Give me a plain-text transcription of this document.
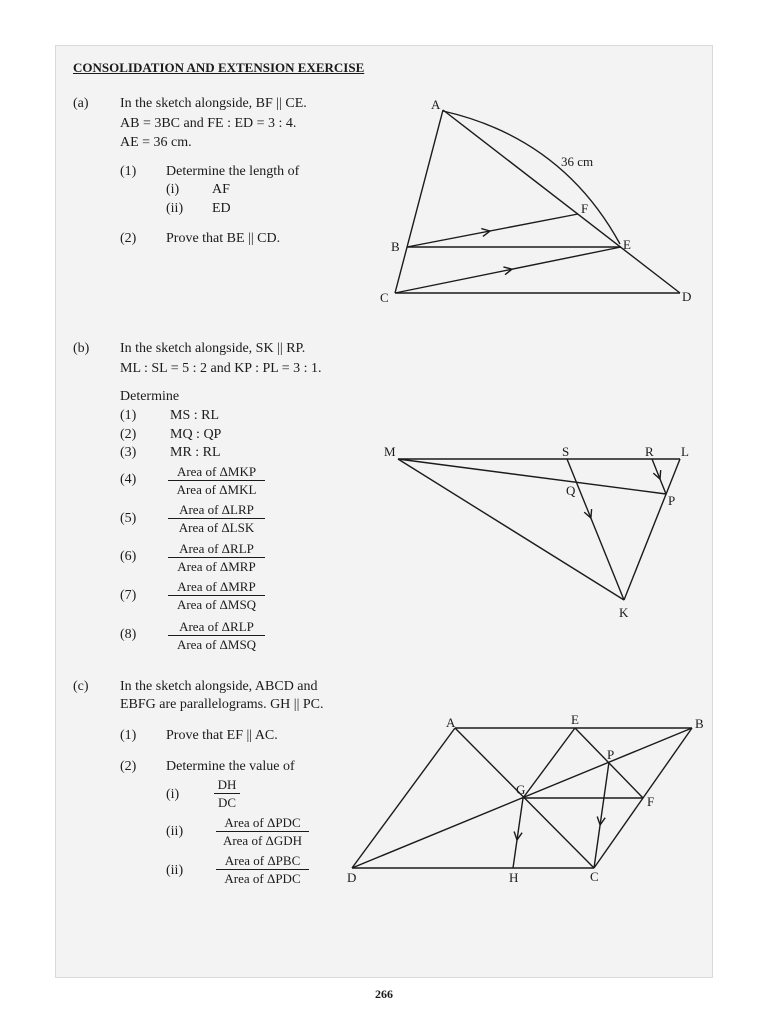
CONSOLIDATION AND EXTENSION EXERCISE
(a) In the sketch alongside, BF || CE.
AB = 3BC and FE : ED = 3 : 4.
AE = 36 cm.
(1) Determine the length of
(i) AF
(ii) ED
(2) Prove that BE || CD.
(b) In the sketch alongside, SK || RP.
ML : SL = 5 : 2 and KP : PL = 3 : 1.
Determine
(1) MS : RL
(2) MQ : QP
(3) MR : RL
(4)
Area of ΔMKP
Area of ΔMKL
(5)
Area of ΔLRP
Area of ΔLSK
(6)
Area of ΔRLP
Area of ΔMRP
(7)
Area of ΔMRP
Area of ΔMSQ
(8)
Area of ΔRLP
Area of ΔMSQ
(c) In the sketch alongside, ABCD and
EBFG are parallelograms. GH || PC.
(1) Prove that EF || AC.
(2) Determine the value of
(i)	$\frac{DH}{DC}$
(ii)
Area of ΔPDC
Area of ΔGDH
(ii)
Area of ΔPBC
Area of ΔPDC
A
B
C	D
E
F
36 cm
M	S	R L
Q
P
K
A	E	B
P
G
F
D	H	C
266
